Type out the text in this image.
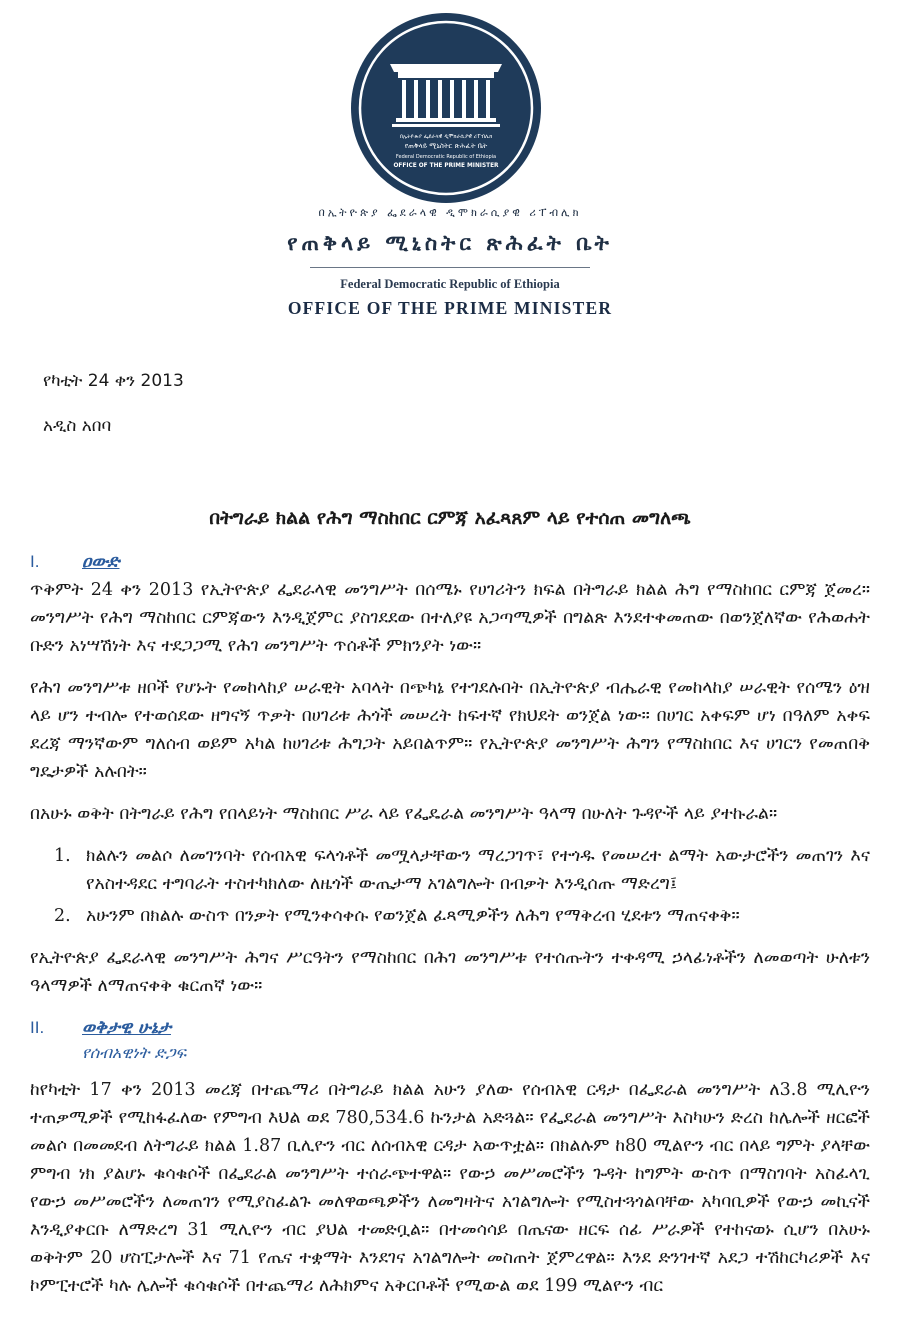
በኢትዮጵያ ፌደራላዊ ዲሞክራሲያዊ ሪፐብሊክ
የጠቅላይ ሚኒስትር ጽሕፈት ቤት
Federal Democratic Republic of Ethiopia
OFFICE OF THE PRIME MINISTER
በኢትዮጵያ ፌደራላዊ ዲሞክራሲያዊ ሪፐብሊክ
የጠቅላይ ሚኒስትር ጽሕፈት ቤት
Federal Democratic Republic of Ethiopia
OFFICE OF THE PRIME MINISTER
የካቲት 24 ቀን 2013
አዲስ አበባ
በትግራይ ክልል የሕግ ማስከበር ርምጃ አፈጻጸም ላይ የተሰጠ መግለጫ
I.	ዐውድ

ጥቅምት 24 ቀን 2013 የኢትዮጵያ ፌደራላዊ መንግሥት በሰሜኑ የሀገሪትን ክፍል በትግራይ ክልል ሕግ የማስከበር ርምጃ ጀመረ። መንግሥት የሕግ ማስከበር ርምጃውን እንዲጀምር ያስገደደው በተለያዩ አጋጣሚዎች በግልጽ እንደተቀመጠው በወንጀለኛው የሕወሐት ቡድን አነሣሽነት እና ተደጋጋሚ የሕገ መንግሥት ጥሰቶች ምክንያት ነው።

የሕገ መንግሥቱ ዘቦች የሆኑት የመከላከያ ሠራዊት አባላት በጭካኔ የተገደሉበት በኢትዮጵያ ብሔራዊ የመከላከያ ሠራዊት የሰሜን ዕዝ ላይ ሆን ተብሎ የተወሰደው ዘግናኝ ጥቃት በሀገሪቱ ሕጎች መሠረት ከፍተኛ የክህደት ወንጀል ነው። በሀገር አቀፍም ሆነ በዓለም አቀፍ ደረጃ ማንኛውም ግለሰብ ወይም አካል ከሀገሪቱ ሕግጋት አይበልጥም። የኢትዮጵያ መንግሥት ሕግን የማስከበር እና ሀገርን የመጠበቅ ግዴታዎች አሉበት።

በአሁኑ ወቅት በትግራይ የሕግ የበላይነት ማስከበር ሥራ ላይ የፌዴራል መንግሥት ዓላማ በሁለት ጉዳዮች ላይ ያተኩራል።

1. ክልሉን መልሶ ለመገንባት የሰብአዊ ፍላጎቶች መሟላታቸውን ማረጋገጥ፣ የተጎዱ የመሠረተ ልማት አውታሮችን መጠገን እና የአስተዳደር ተግባራት ተስተካክለው ለዜጎች ውጤታማ አገልግሎት በብቃት እንዲሰጡ ማድረግ፤
2. አሁንም በክልሉ ውስጥ በንቃት የሚንቀሳቀሱ የወንጀል ፈጻሚዎችን ለሕግ የማቅረብ ሂደቱን ማጠናቀቅ።

የኢትዮጵያ ፌደራላዊ መንግሥት ሕግና ሥርዓትን የማስከበር በሕገ መንግሥቱ የተሰጡትን ተቀዳሚ ኃላፊነቶችን ለመወጣት ሁለቱን ዓላማዎች ለማጠናቀቅ ቁርጠኛ ነው።

II.	ወቅታዊ ሁኔታ
የሰብአዊነት ድጋፍ

ከየካቲት 17 ቀን 2013 መረጃ በተጨማሪ በትግራይ ክልል አሁን ያለው የሰብአዊ ርዳታ በፌደራል መንግሥት ለ3.8 ሚሊዮን ተጠቃሚዎች የሚከፋፈለው የምግብ እህል ወደ 780,534.6 ኩንታል አድጓል። የፌደራል መንግሥት እስካሁን ድረስ ከሌሎች ዘርፎች መልሶ በመመደብ ለትግራይ ክልል 1.87 ቢሊዮን ብር ለሰብአዊ ርዳታ አውጥቷል። በክልሉም ከ80 ሚልዮን ብር በላይ ግምት ያላቸው ምግብ ነክ ያልሆኑ ቁሳቁሶች በፌደራል መንግሥት ተሰራጭተዋል። የውኃ መሥመሮችን ጉዳት ከግምት ውስጥ በማስገባት አስፈላጊ የውኃ መሥመሮችን ለመጠገን የሚያስፈልጉ መለዋወጫዎችን ለመግዛትና አገልግሎት የሚስተጓጎልባቸው አካባቢዎች የውኃ መኪናች እንዲያቀርቡ ለማድረግ 31 ሚሊዮን ብር ያህል ተመድቧል። በተመሳሳይ በጤናው ዘርፍ ሰፊ ሥራዎች የተከናወኑ ሲሆን በአሁኑ ወቅትም 20 ሆስፒታሎች እና 71 የጤና ተቋማት እንደገና አገልግሎት መስጠት ጀምረዋል። እንደ ድንገተኛ አደጋ ተሽከርካሪዎች እና ኮምፒተሮች ካሉ ሌሎች ቁሳቁሶች በተጨማሪ ለሕክምና አቅርቦቶች የሚውል ወደ 199 ሚልዮን ብር
